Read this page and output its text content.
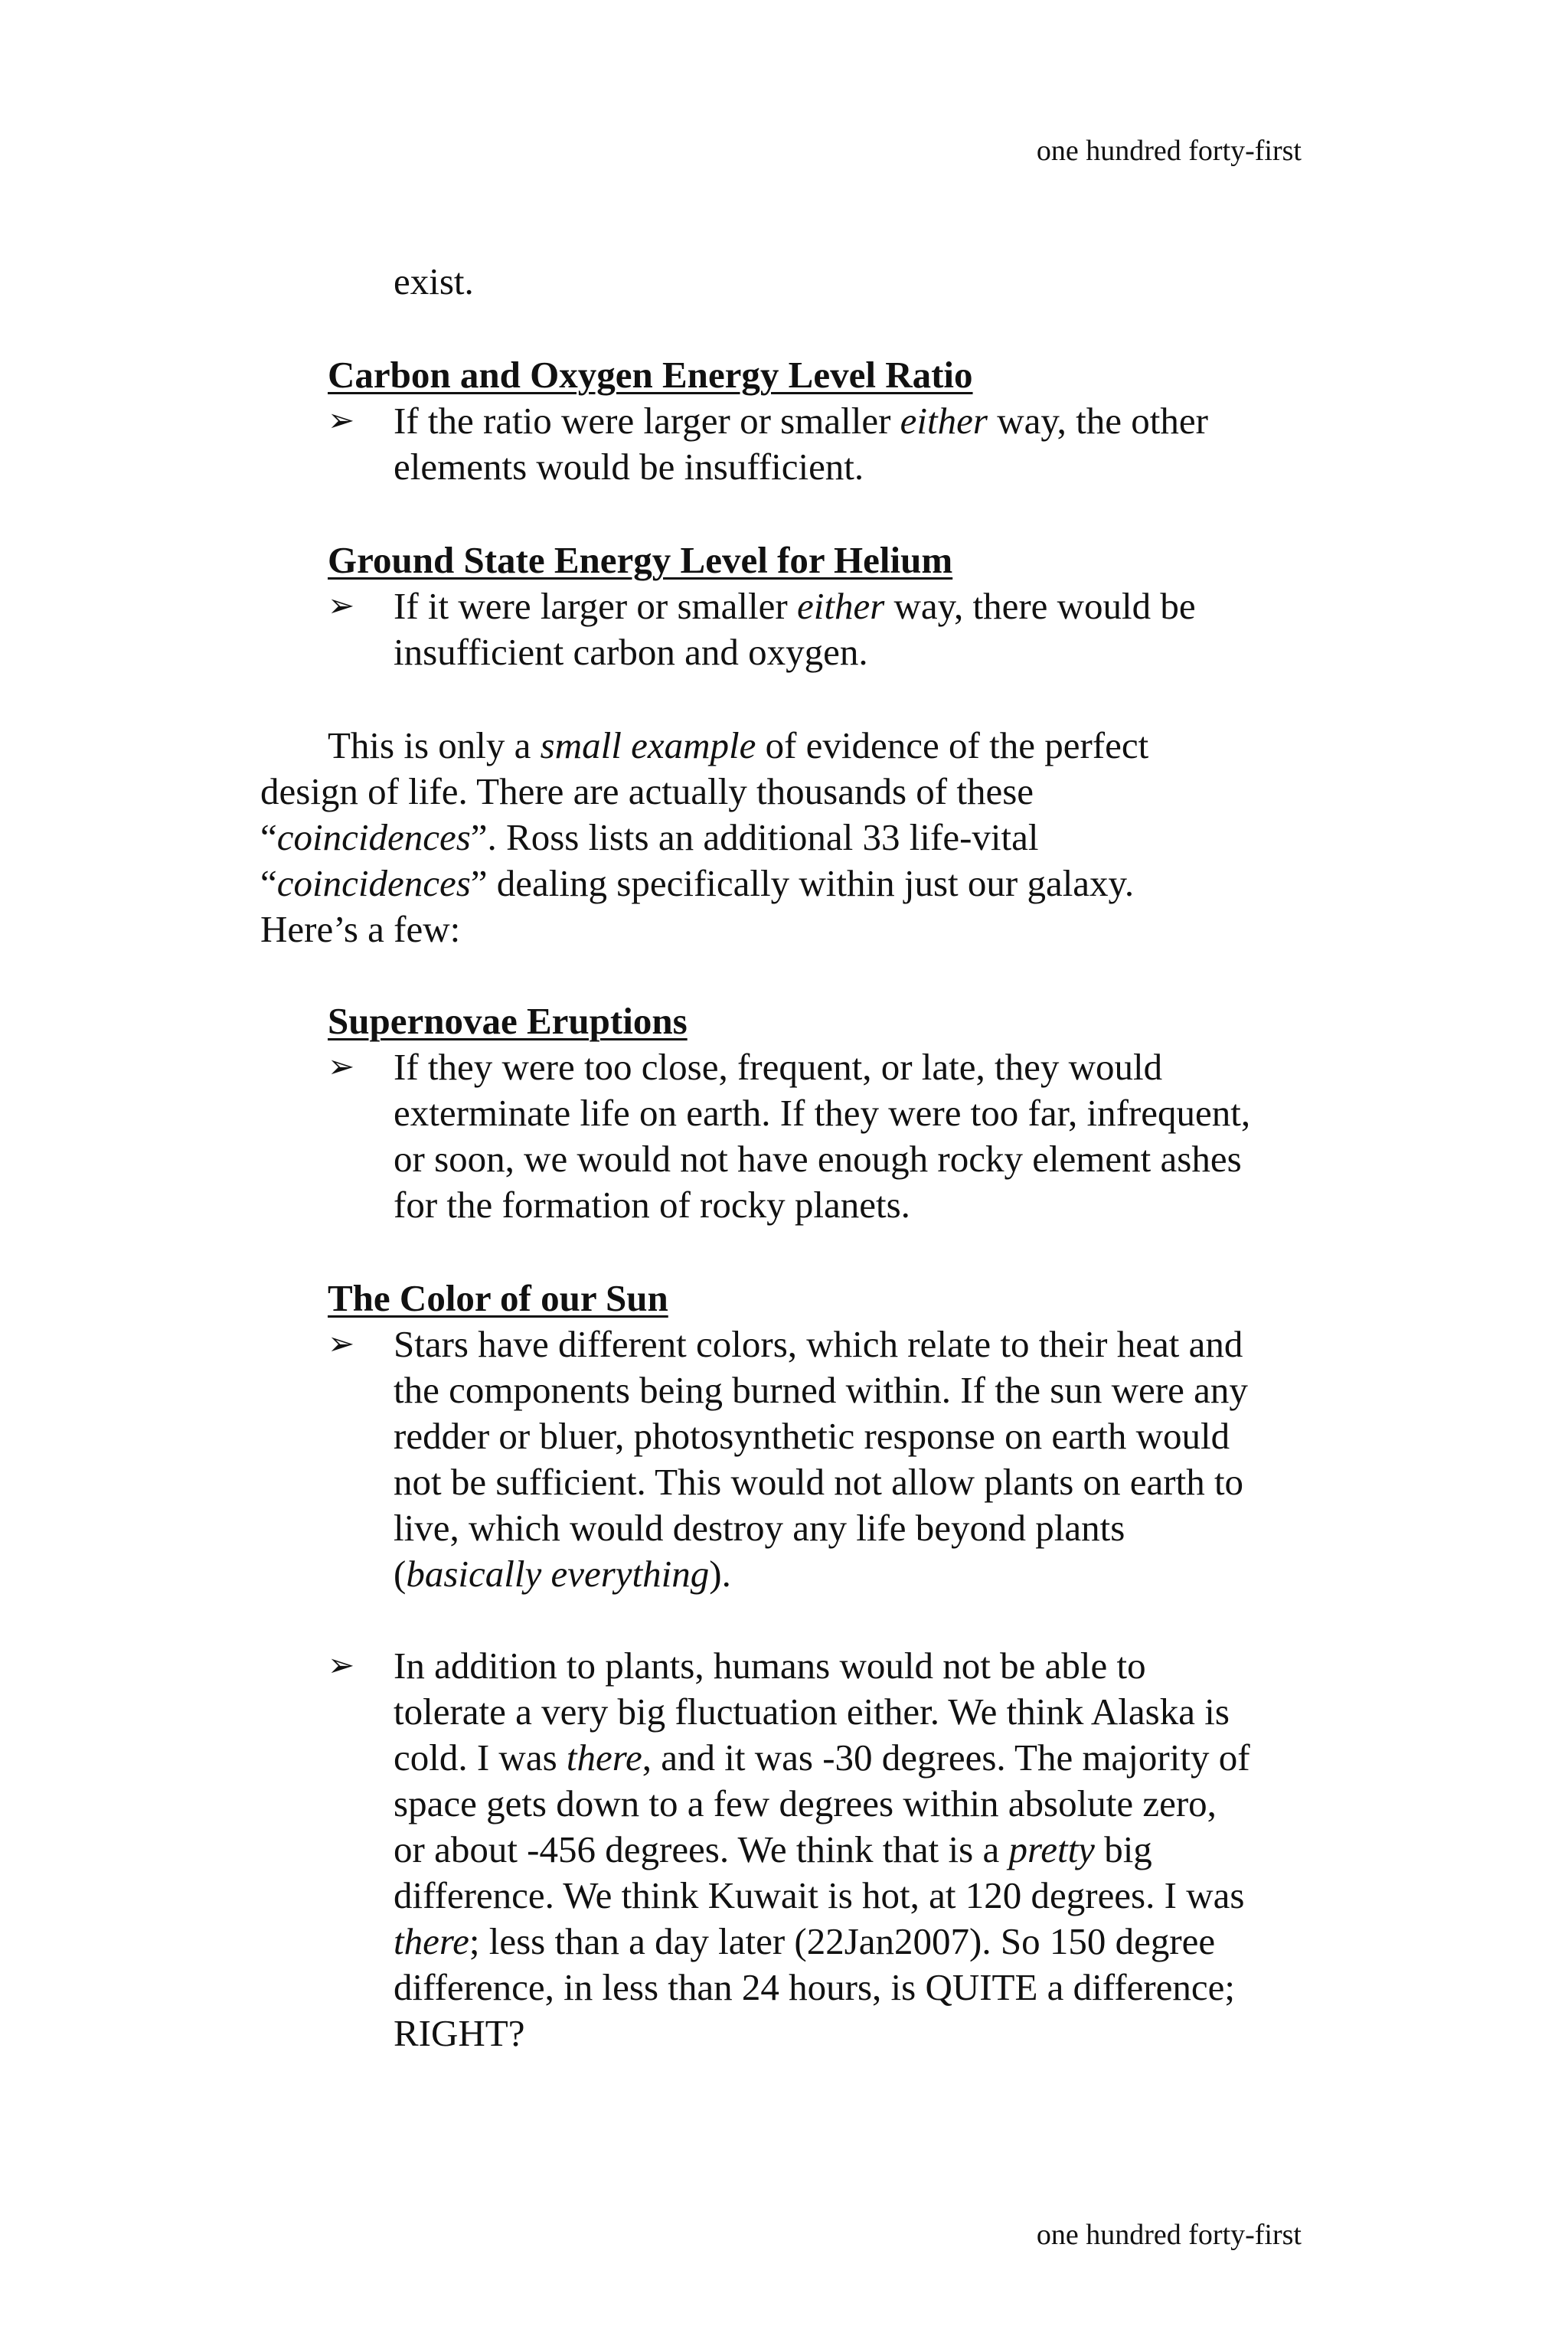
one hundred forty-first
exist.
Carbon and Oxygen Energy Level Ratio
➢ If the ratio were larger or smaller either way, the other
elements would be insufficient.
Ground State Energy Level for Helium
➢ If it were larger or smaller either way, there would be
insufficient carbon and oxygen.
This is only a small example of evidence of the perfect
design of life. There are actually thousands of these
“coincidences”. Ross lists an additional 33 life-vital
“coincidences” dealing specifically within just our galaxy.
Here’s a few:
Supernovae Eruptions
➢ If they were too close, frequent, or late, they would
exterminate life on earth. If they were too far, infrequent,
or soon, we would not have enough rocky element ashes
for the formation of rocky planets.
The Color of our Sun
➢ Stars have different colors, which relate to their heat and
the components being burned within. If the sun were any
redder or bluer, photosynthetic response on earth would
not be sufficient. This would not allow plants on earth to
live, which would destroy any life beyond plants
(basically everything).
➢ In addition to plants, humans would not be able to
tolerate a very big fluctuation either. We think Alaska is
cold. I was there, and it was -30 degrees. The majority of
space gets down to a few degrees within absolute zero,
or about -456 degrees. We think that is a pretty big
difference. We think Kuwait is hot, at 120 degrees. I was
there; less than a day later (22Jan2007). So 150 degree
difference, in less than 24 hours, is QUITE a difference;
RIGHT?
one hundred forty-first
